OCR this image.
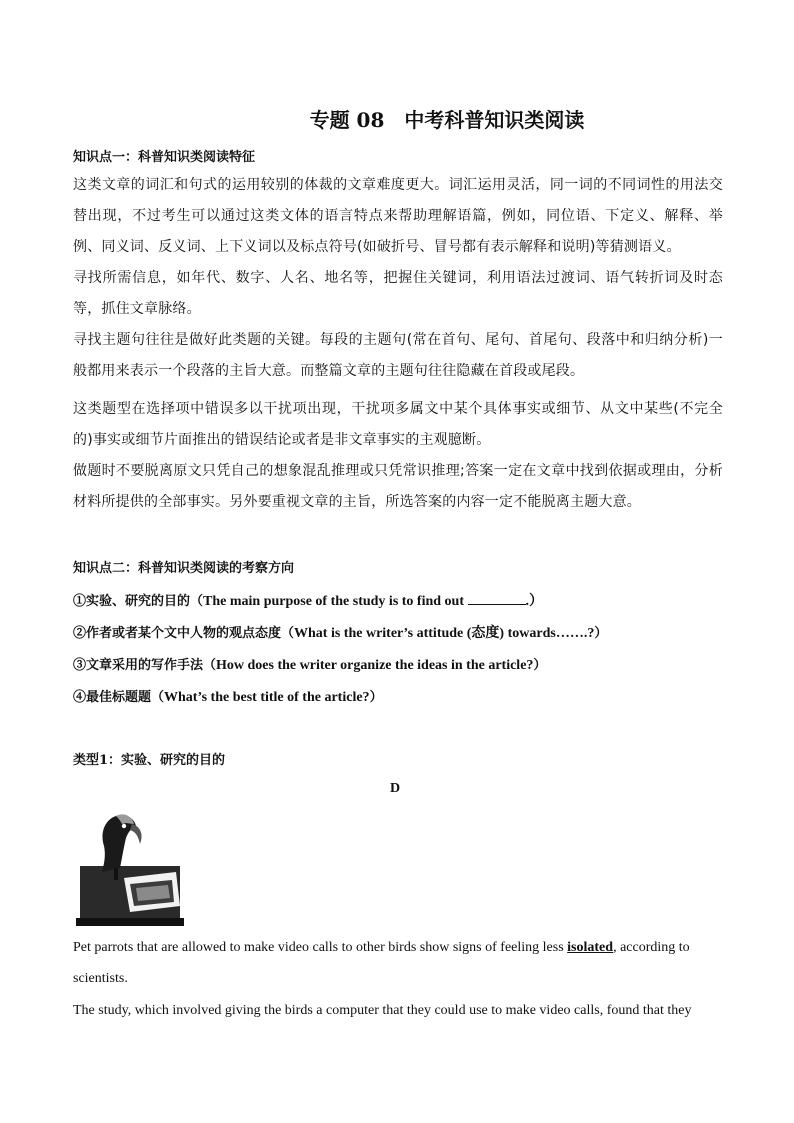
专题 08　中考科普知识类阅读
知识点一：科普知识类阅读特征
这类文章的词汇和句式的运用较别的体裁的文章难度更大。词汇运用灵活，同一词的不同词性的用法交替出现，不过考生可以通过这类文体的语言特点来帮助理解语篇，例如，同位语、下定义、解释、举例、同义词、反义词、上下义词以及标点符号(如破折号、冒号都有表示解释和说明)等猜测语义。
寻找所需信息，如年代、数字、人名、地名等，把握住关键词，利用语法过渡词、语气转折词及时态等，抓住文章脉络。
寻找主题句往往是做好此类题的关键。每段的主题句(常在首句、尾句、首尾句、段落中和归纳分析)一般都用来表示一个段落的主旨大意。而整篇文章的主题句往往隐藏在首段或尾段。
这类题型在选择项中错误多以干扰项出现，干扰项多属文中某个具体事实或细节、从文中某些(不完全的)事实或细节片面推出的错误结论或者是非文章事实的主观臆断。
做题时不要脱离原文只凭自己的想象混乱推理或只凭常识推理;答案一定在文章中找到依据或理由，分析材料所提供的全部事实。另外要重视文章的主旨，所选答案的内容一定不能脱离主题大意。
知识点二：科普知识类阅读的考察方向
①实验、研究的目的（The main purpose of the study is to find out	.）
②作者或者某个文中人物的观点态度（What is the writer’s attitude (态度) towards…….?）
③文章采用的写作手法（How does the writer organize the ideas in the article?）
④最佳标题题（What’s the best title of the article?）
类型1：实验、研究的目的
D
Pet parrots that are allowed to make video calls to other birds show signs of feeling less isolated, according to scientists.
The study, which involved giving the birds a computer that they could use to make video calls, found that they
